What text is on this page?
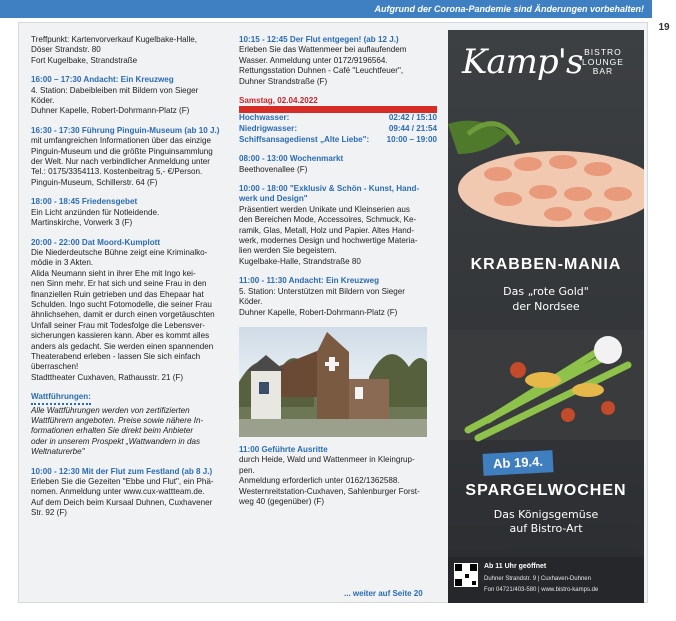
Aufgrund der Corona-Pandemie sind Änderungen vorbehalten!
19

Treffpunkt: Kartenvorverkauf Kugelbake-Halle,

Döser Strandstr. 80

Fort Kugelbake, Strandstraße

16:00 – 17:30 Andacht: Ein Kreuzweg

4. Station: Dabeibleiben mit Bildern von Sieger

Köder.

Duhner Kapelle, Robert-Dohrmann-Platz (F)

16:30 - 17:30 Führung Pinguin-Museum (ab 10 J.)

mit umfangreichen Informationen über das einzige

Pinguin-Museum und die größte Pinguinsammlung

der Welt. Nur nach verbindlicher Anmeldung unter

Tel.: 0175/3354113. Kostenbeitrag 5,- €/Person.

Pinguin-Museum, Schillerstr. 64 (F)

18:00 - 18:45 Friedensgebet

Ein Licht anzünden für Notleidende.

Martinskirche, Vorwerk 3 (F)

20:00 - 22:00 Dat Moord-Kumplott

Die Niederdeutsche Bühne zeigt eine Kriminalko-

mödie in 3 Akten.

Alida Neumann sieht in ihrer Ehe mit Ingo kei-

nen Sinn mehr. Er hat sich und seine Frau in den

finanziellen Ruin getrieben und das Ehepaar hat

Schulden. Ingo sucht Fotomodelle, die seiner Frau

ähnlichsehen, damit er durch einen vorgetäuschten

Unfall seiner Frau mit Todesfolge die Lebensver-

sicherungen kassieren kann. Aber es kommt alles

anders als gedacht. Sie werden einen spannenden

Theaterabend erleben - lassen Sie sich einfach

überraschen!

Stadttheater Cuxhaven, Rathausstr. 21 (F)

Wattführungen:

Alle Wattführungen werden von zertifizierten

Wattführern angeboten. Preise sowie nähere In-

formationen erhalten Sie direkt beim Anbieter

oder in unserem Prospekt „Wattwandern in das

Weltnaturerbe"

10:00 - 12:30 Mit der Flut zum Festland (ab 8 J.)

Erleben Sie die Gezeiten "Ebbe und Flut", ein Phä-

nomen. Anmeldung unter www.cux-wattteam.de.

Auf dem Deich beim Kursaal Duhnen, Cuxhavener

Str. 92 (F)

10:15 - 12:45 Der Flut entgegen! (ab 12 J.)

Erleben Sie das Wattenmeer bei auflaufendem

Wasser. Anmeldung unter 0172/9196564.

Rettungsstation Duhnen - Café "Leuchtfeuer",

Duhner Strandstraße (F)

Samstag, 02.04.2022

Hochwasser:	02:42 / 15:10
Niedrigwasser:	09:44 / 21:54
Schiffsansagedienst „Alte Liebe":	10:00 – 19:00

08:00 - 13:00 Wochenmarkt

Beethovenallee (F)

10:00 - 18:00 "Exklusiv & Schön - Kunst, Hand-werk und Design"

Präsentiert werden Unikate und Kleinserien aus

den Bereichen Mode, Accessoires, Schmuck, Ke-

ramik, Glas, Metall, Holz und Papier. Altes Hand-

werk, modernes Design und hochwertige Materia-

lien werden Sie begeistern.

Kugelbake-Halle, Strandstraße 80

11:00 - 11:30 Andacht: Ein Kreuzweg

5. Station: Unterstützen mit Bildern von Sieger

Köder.

Duhner Kapelle, Robert-Dohrmann-Platz (F)

11:00 Geführte Ausritte

durch Heide, Wald und Wattenmeer in Kleingrup-

pen.

Anmeldung erforderlich unter 0162/1362588.

Westernreitstation-Cuxhaven, Sahlenburger Forst-

weg 40 (gegenüber) (F)

... weiter auf Seite 20
Kamp's BISTRO
LOUNGE
BAR
KRABBEN-MANIA
Das „rote Gold"
der Nordsee
Ab 19.4.
SPARGELWOCHEN
Das Königsgemüse
auf Bistro-Art
Ab 11 Uhr geöffnet
Duhner Strandstr. 9 | Cuxhaven-Duhnen
Fon 04721/403-580 | www.bistro-kamps.de
